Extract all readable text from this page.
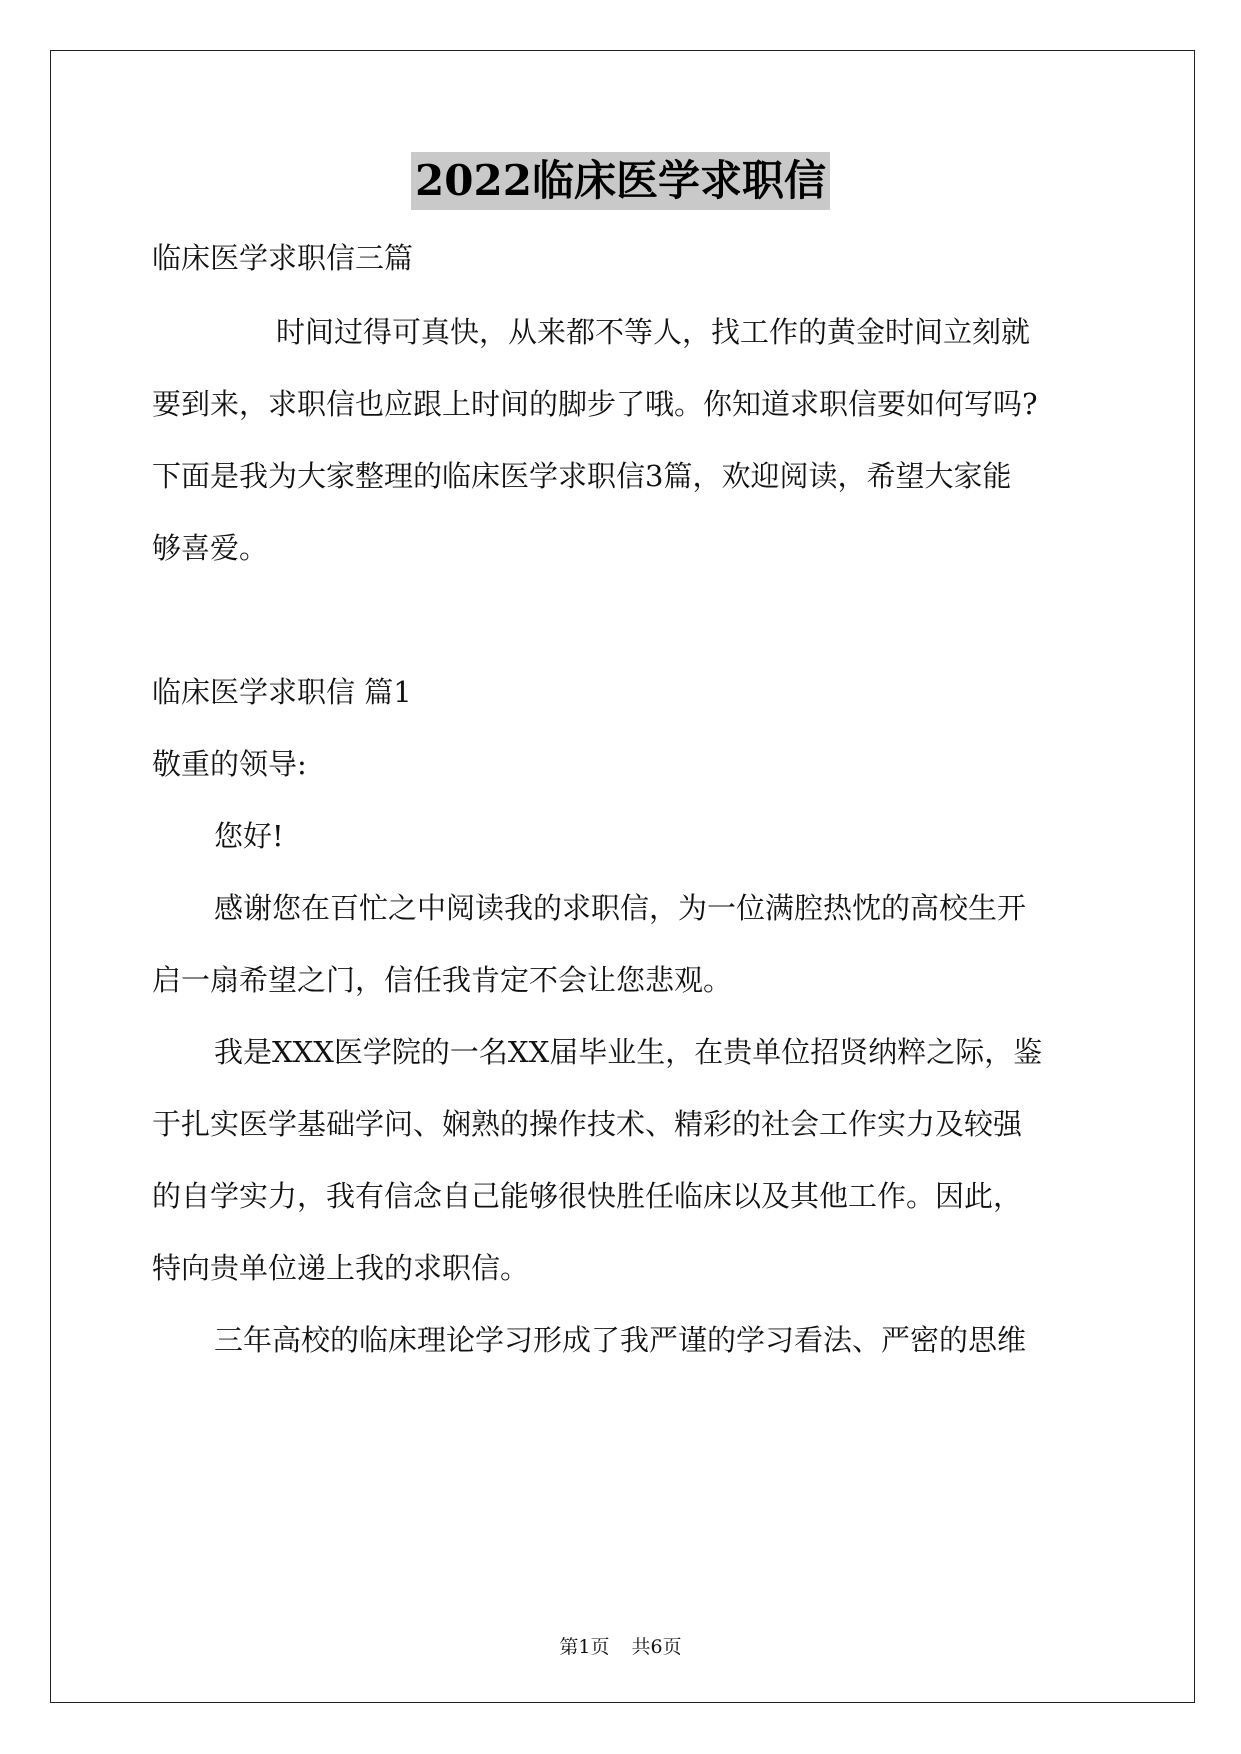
2022临床医学求职信
临床医学求职信三篇
时间过得可真快，从来都不等人，找工作的黄金时间立刻就
要到来，求职信也应跟上时间的脚步了哦。你知道求职信要如何写吗?
下面是我为大家整理的临床医学求职信3篇，欢迎阅读，希望大家能
够喜爱。
临床医学求职信 篇1
敬重的领导:
您好!
感谢您在百忙之中阅读我的求职信，为一位满腔热忱的高校生开
启一扇希望之门，信任我肯定不会让您悲观。
我是XXX医学院的一名XX届毕业生，在贵单位招贤纳粹之际，鉴
于扎实医学基础学问、娴熟的操作技术、精彩的社会工作实力及较强
的自学实力，我有信念自己能够很快胜任临床以及其他工作。因此，
特向贵单位递上我的求职信。
三年高校的临床理论学习形成了我严谨的学习看法、严密的思维
第1页 共6页
